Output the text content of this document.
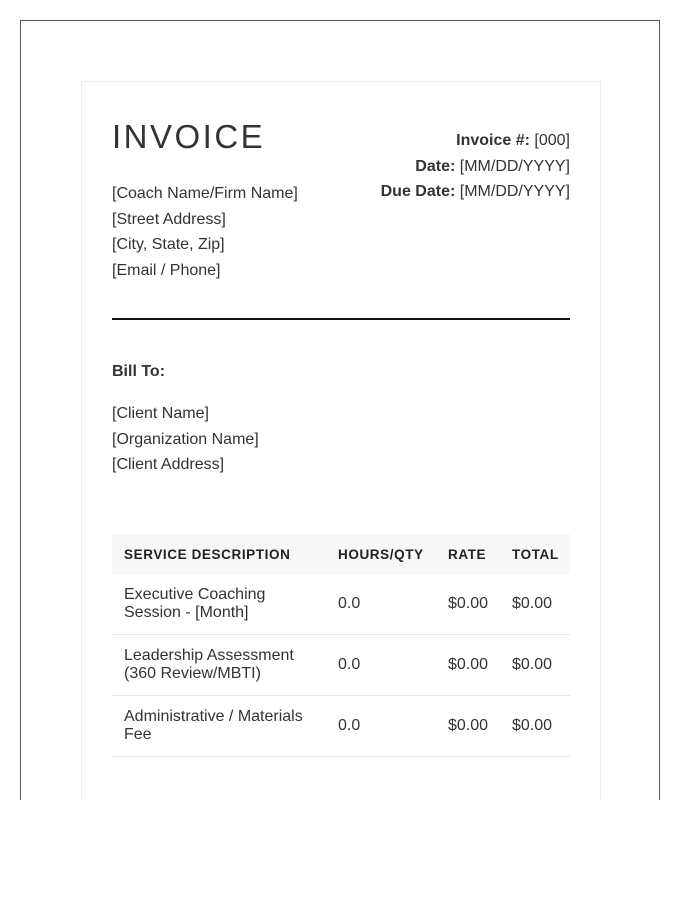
INVOICE
[Coach Name/Firm Name]
[Street Address]
[City, State, Zip]
[Email / Phone]
Invoice #: [000]
Date: [MM/DD/YYYY]
Due Date: [MM/DD/YYYY]
Bill To:
[Client Name]
[Organization Name]
[Client Address]
SERVICE DESCRIPTION	HOURS/QTY	RATE	TOTAL

Executive Coaching
Session - [Month]	0.0	$0.00	$0.00

Leadership Assessment
(360 Review/MBTI)	0.0	$0.00	$0.00

Administrative / Materials
Fee	0.0	$0.00	$0.00
